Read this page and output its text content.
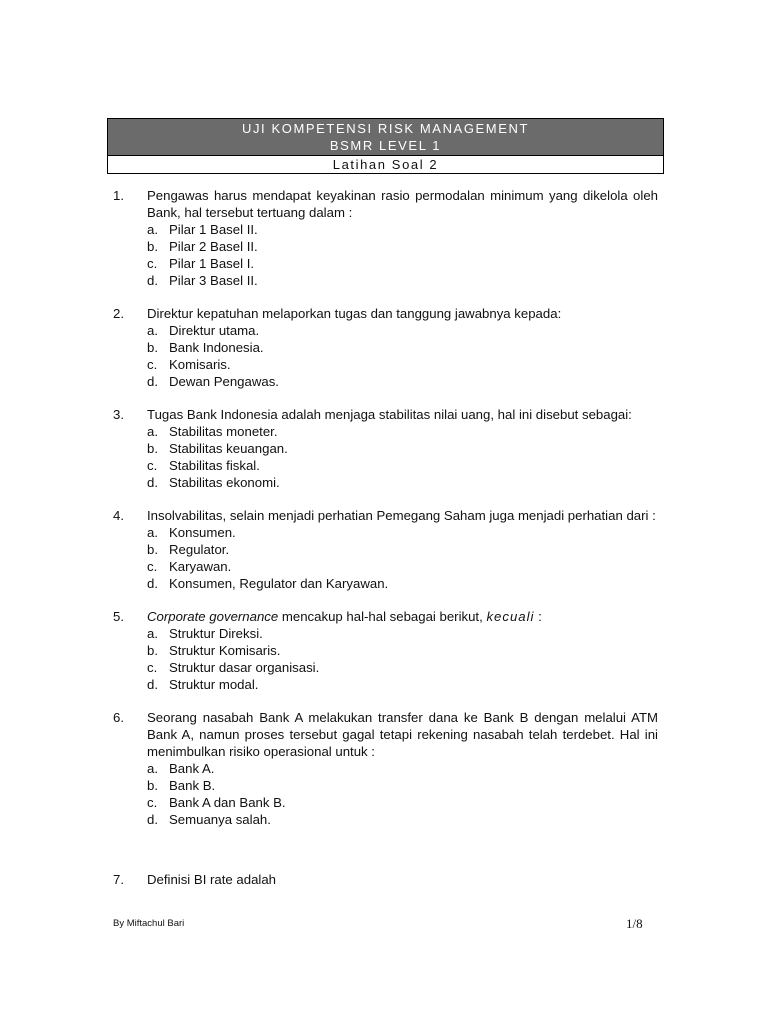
UJI KOMPETENSI RISK MANAGEMENT
BSMR LEVEL 1
Latihan Soal 2
1.	Pengawas harus mendapat keyakinan rasio permodalan minimum yang dikelola oleh Bank, hal tersebut tertuang dalam :
a. Pilar 1 Basel II.
b. Pilar 2 Basel II.
c. Pilar 1 Basel I.
d. Pilar 3 Basel II.
2.	Direktur kepatuhan melaporkan tugas dan tanggung jawabnya kepada:
a. Direktur utama.
b. Bank Indonesia.
c. Komisaris.
d. Dewan Pengawas.
3.	Tugas Bank Indonesia adalah menjaga stabilitas nilai uang, hal ini disebut sebagai:
a. Stabilitas moneter.
b. Stabilitas keuangan.
c. Stabilitas fiskal.
d. Stabilitas ekonomi.
4.	Insolvabilitas, selain menjadi perhatian Pemegang Saham juga menjadi perhatian dari :
a. Konsumen.
b. Regulator.
c. Karyawan.
d. Konsumen, Regulator dan Karyawan.
5.	Corporate governance mencakup hal-hal sebagai berikut, kecuali :
a. Struktur Direksi.
b. Struktur Komisaris.
c. Struktur dasar organisasi.
d. Struktur modal.
6.	Seorang nasabah Bank A melakukan transfer dana ke Bank B dengan melalui ATM Bank A, namun proses tersebut gagal tetapi rekening nasabah telah terdebet. Hal ini menimbulkan risiko operasional untuk :
a. Bank A.
b. Bank B.
c. Bank A dan Bank B.
d. Semuanya salah.
7.	Definisi BI rate adalah
By Miftachul Bari	1/8
